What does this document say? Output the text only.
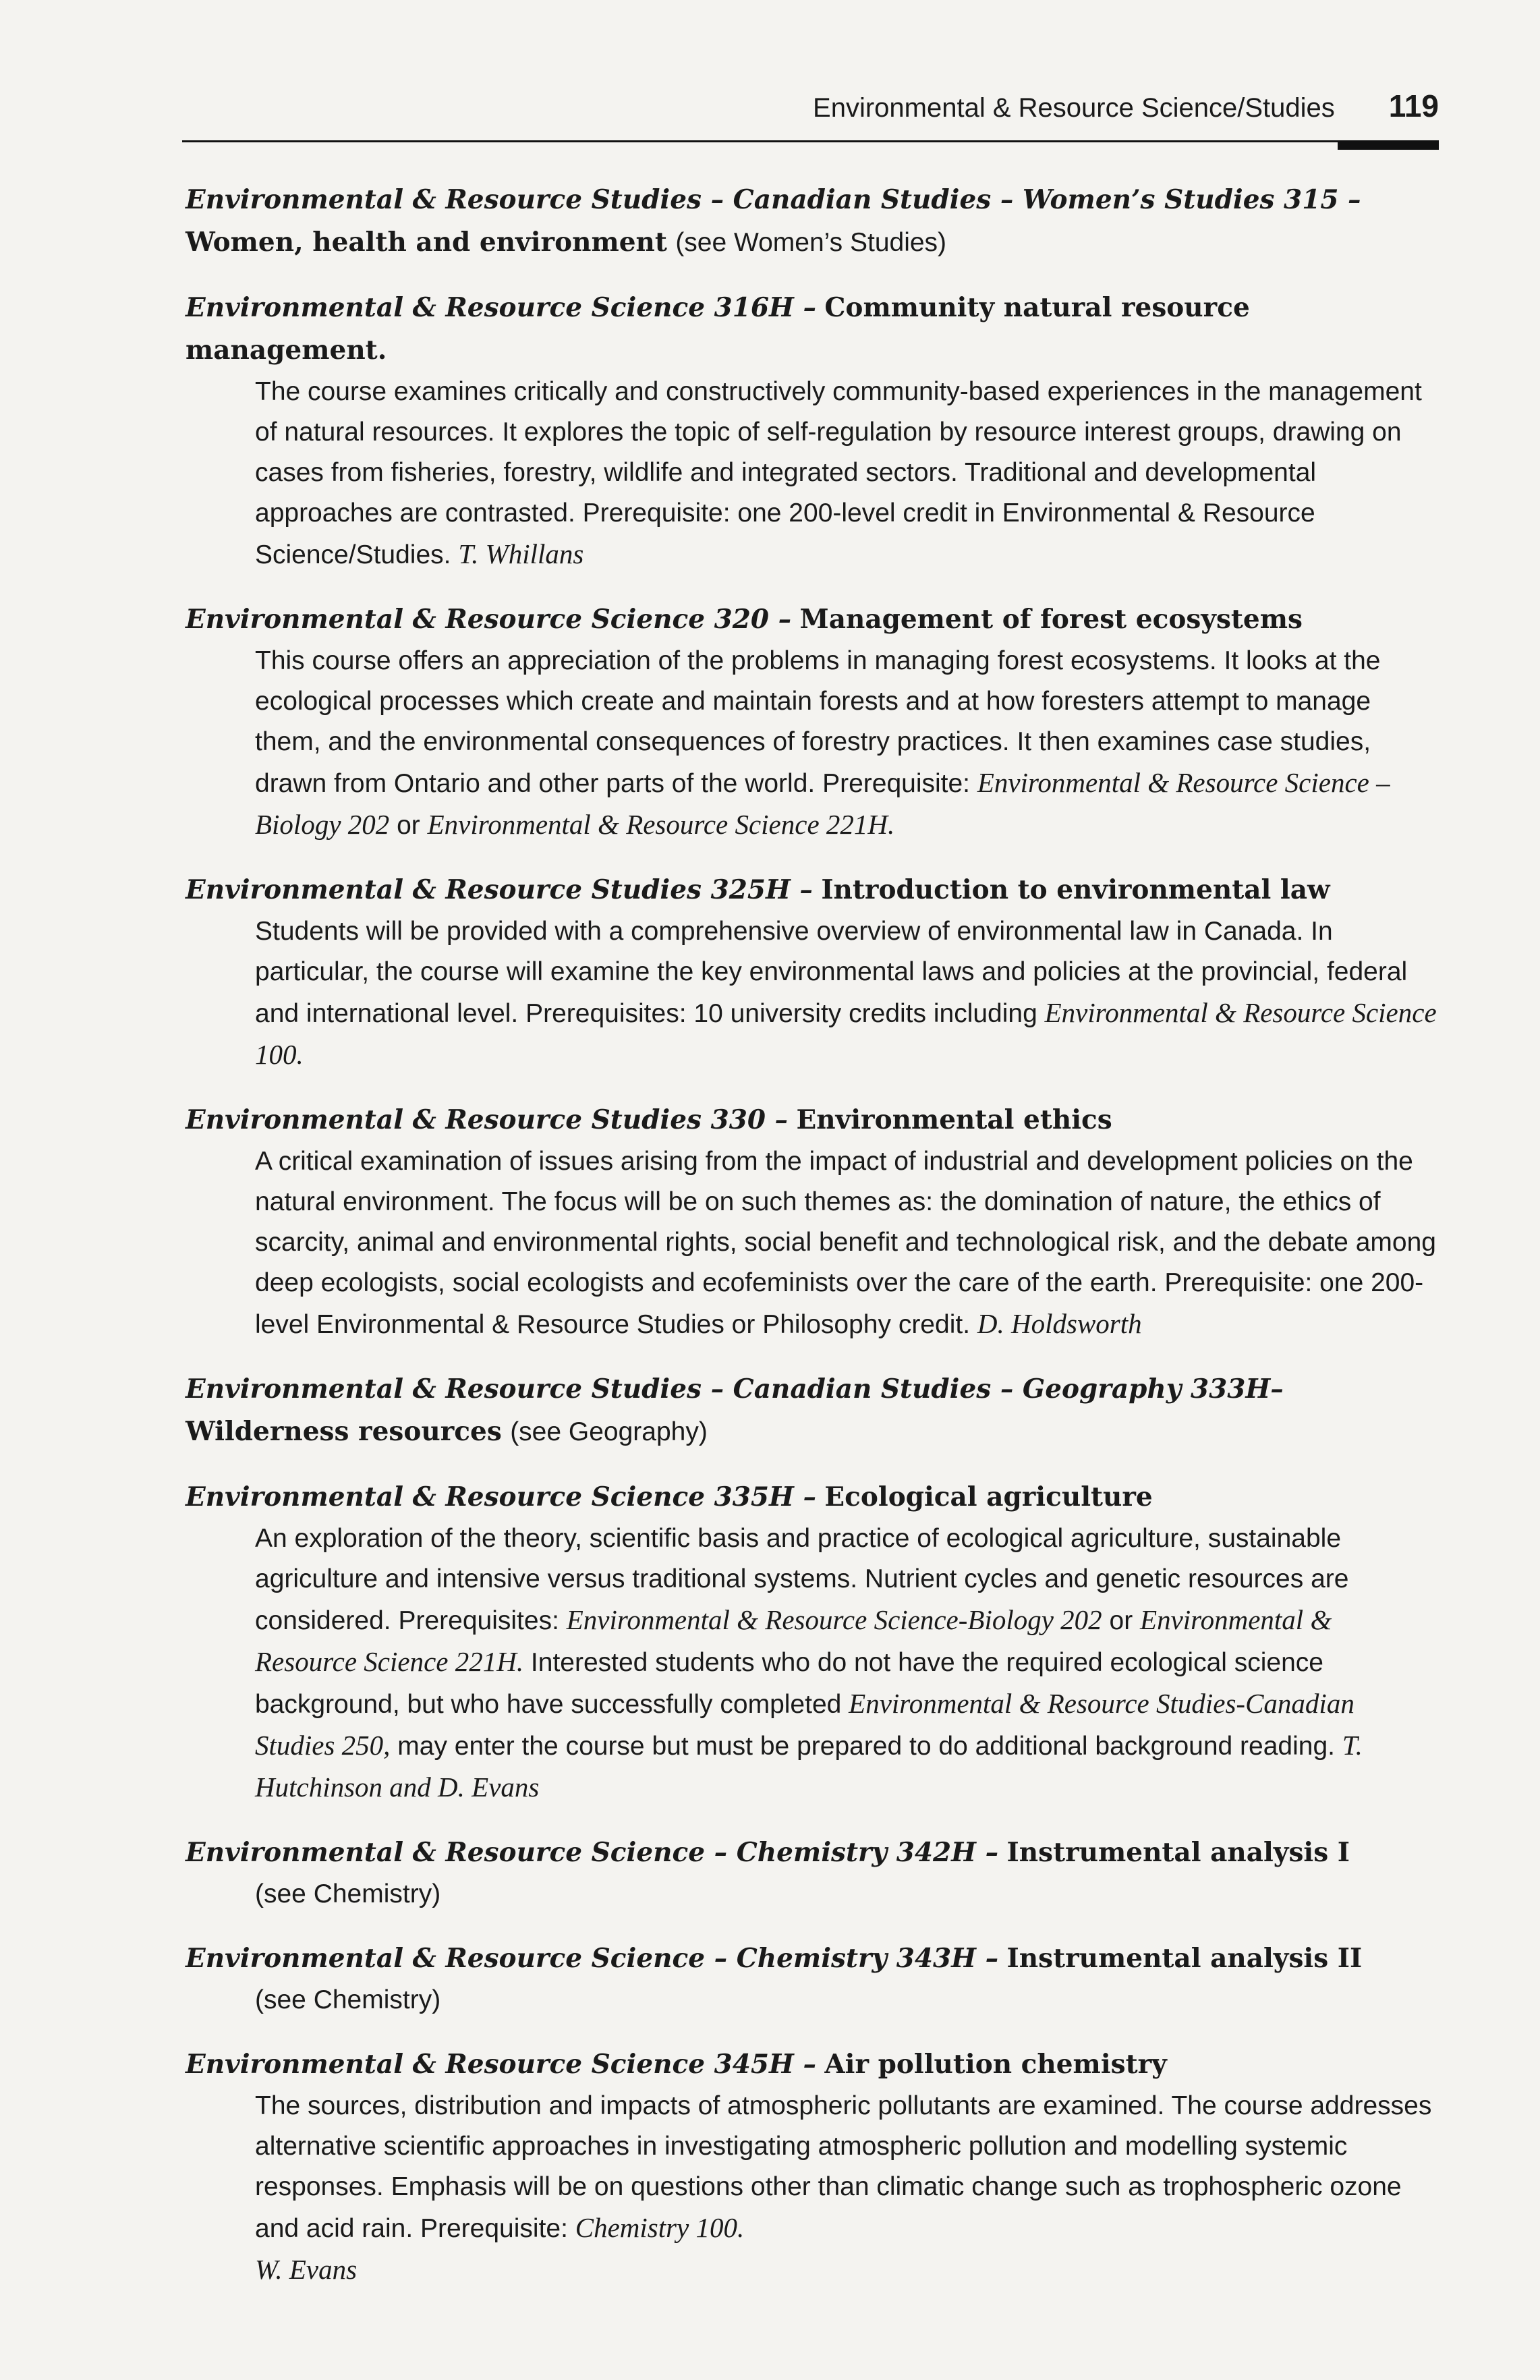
Environmental & Resource Science/Studies 119

Environmental & Resource Studies – Canadian Studies – Women’s Studies 315 –
Women, health and environment (see Women’s Studies)

Environmental & Resource Science 316H – Community natural resource management.

The course examines critically and constructively community-based experiences in the management of natural resources. It explores the topic of self-regulation by resource interest groups, drawing on cases from fisheries, forestry, wildlife and integrated sectors. Traditional and developmental approaches are contrasted. Prerequisite: one 200-level credit in Environmental & Resource Science/Studies. T. Whillans

Environmental & Resource Science 320 – Management of forest ecosystems

This course offers an appreciation of the problems in managing forest ecosystems. It looks at the ecological processes which create and maintain forests and at how foresters attempt to manage them, and the environmental consequences of forestry practices. It then examines case studies, drawn from Ontario and other parts of the world. Prerequisite: Environmental & Resource Science – Biology 202 or Environmental & Resource Science 221H.

Environmental & Resource Studies 325H – Introduction to environmental law

Students will be provided with a comprehensive overview of environmental law in Canada. In particular, the course will examine the key environmental laws and policies at the provincial, federal and international level. Prerequisites: 10 university credits including Environmental & Resource Science 100.

Environmental & Resource Studies 330 – Environmental ethics

A critical examination of issues arising from the impact of industrial and development policies on the natural environment. The focus will be on such themes as: the domination of nature, the ethics of scarcity, animal and environmental rights, social benefit and technological risk, and the debate among deep ecologists, social ecologists and ecofeminists over the care of the earth. Prerequisite: one 200-level Environmental & Resource Studies or Philosophy credit. D. Holdsworth

Environmental & Resource Studies – Canadian Studies – Geography 333H– Wilderness resources (see Geography)

Environmental & Resource Science 335H – Ecological agriculture

An exploration of the theory, scientific basis and practice of ecological agriculture, sustainable agriculture and intensive versus traditional systems. Nutrient cycles and genetic resources are considered. Prerequisites: Environmental & Resource Science-Biology 202 or Environmental & Resource Science 221H. Interested students who do not have the required ecological science background, but who have successfully completed Environmental & Resource Studies-Canadian Studies 250, may enter the course but must be prepared to do additional background reading. T. Hutchinson and D. Evans

Environmental & Resource Science – Chemistry 342H – Instrumental analysis I

(see Chemistry)

Environmental & Resource Science – Chemistry 343H – Instrumental analysis II

(see Chemistry)

Environmental & Resource Science 345H – Air pollution chemistry

The sources, distribution and impacts of atmospheric pollutants are examined. The course addresses alternative scientific approaches in investigating atmospheric pollution and modelling systemic responses. Emphasis will be on questions other than climatic change such as trophospheric ozone and acid rain. Prerequisite: Chemistry 100.
W. Evans
